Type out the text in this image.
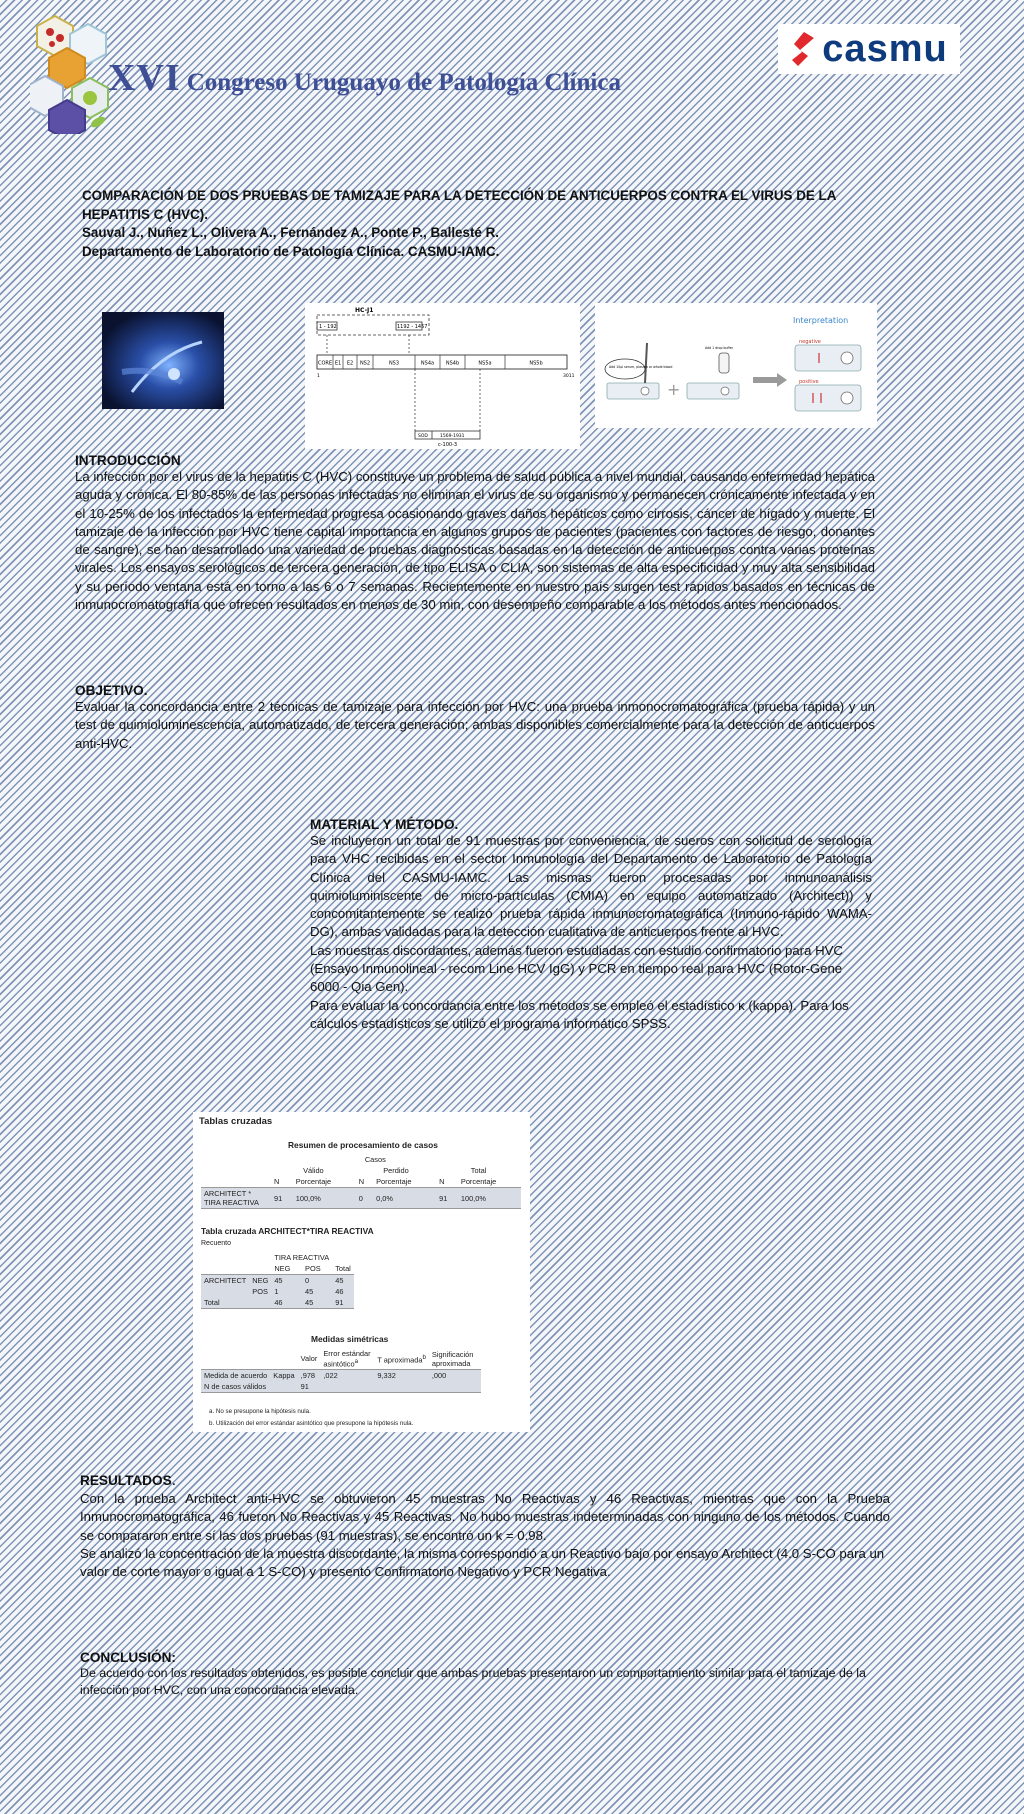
XVI Congreso Uruguayo de Patología Clínica
casmu
COMPARACIÓN DE DOS PRUEBAS DE TAMIZAJE PARA LA DETECCIÓN DE ANTICUERPOS CONTRA EL VIRUS DE LA HEPATITIS C (HVC).
Sauval J., Nuñez L., Olivera A., Fernández A., Ponte P., Ballesté R.
Departamento de Laboratorio de Patología Clínica. CASMU-IAMC.
HC-J1
1 - 192	1192 - 1457
CORE E1 E2 NS2	NS3	NS4a NS4b	NS5a	NS5b
1	3011
SOD	1569-1931
c-100-3
Interpretation
negative
positive
Add 10μl serum, plasma or whole blood
+
Add 1 drop buffer
INTRODUCCIÓN
La infección por el virus de la hepatitis C (HVC) constituye un problema de salud pública a nivel mundial, causando enfermedad hepática aguda y crónica. El 80-85% de las personas infectadas no eliminan el virus de su organismo y permanecen crónicamente infectada y en el 10-25% de los infectados la enfermedad progresa ocasionando graves daños hepáticos como cirrosis, cáncer de hígado y muerte. El tamizaje de la infección por HVC tiene capital importancia en algunos grupos de pacientes (pacientes con factores de riesgo, donantes de sangre), se han desarrollado una variedad de pruebas diagnósticas basadas en la detección de anticuerpos contra varias proteínas virales. Los ensayos serológicos de tercera generación, de tipo ELISA o CLIA, son sistemas de alta especificidad y muy alta sensibilidad y su período ventana está en torno a las 6 o 7 semanas. Recientemente en nuestro país surgen test rápidos basados en técnicas de inmunocromatografía que ofrecen resultados en menos de 30 min, con desempeño comparable a los métodos antes mencionados.
OBJETIVO.
Evaluar la concordancia entre 2 técnicas de tamizaje para infección por HVC: una prueba inmonocromatográfica (prueba rápida) y un test de quimioluminescencia, automatizado, de tercera generación; ambas disponibles comercialmente para la detección de anticuerpos anti-HVC.
MATERIAL Y MÉTODO.
Se incluyeron un total de 91 muestras por conveniencia, de sueros con solicitud de serología para VHC recibidas en el sector Inmunología del Departamento de Laboratorio de Patología Clínica del CASMU-IAMC. Las mismas fueron procesadas por inmunoanálisis quimioluminiscente de micro-partículas (CMIA) en equipo automatizado (Architect)) y concomitantemente se realizó prueba rápida inmunocromatográfica (Inmuno-rápido WAMA-DG), ambas validadas para la detección cualitativa de anticuerpos frente al HVC.
Las muestras discordantes, además fueron estudiadas con estudio confirmatorio para HVC (Ensayo Inmunolineal - recom Line HCV IgG) y PCR en tiempo real para HVC (Rotor-Gene 6000 - Qia Gen).
Para evaluar la concordancia entre los métodos se empleó el estadístico κ (kappa). Para los cálculos estadísticos se utilizó el programa informático SPSS.
Tablas cruzadas
Resumen de procesamiento de casos
		Casos				
	Válido		Perdido		Total	
	N	Porcentaje	N	Porcentaje	N	Porcentaje
ARCHITECT * TIRA REACTIVA	91	100,0%	0	0,0%	91	100,0%
Tabla cruzada ARCHITECT*TIRA REACTIVA
Recuento
		TIRA REACTIVA		
		NEG	POS	Total
ARCHITECT	NEG	45	0	45
	POS	1	45	46
Total		46	45	91
Medidas simétricas
		Valor	Error estándar asintótico$^a$	T aproximada$^b$	Significación aproximada
Medida de acuerdo	Kappa	,978	,022	9,332	,000
N de casos válidos		91			
a. No se presupone la hipótesis nula.
b. Utilización del error estándar asintótico que presupone la hipótesis nula.
RESULTADOS.
Con la prueba Architect anti-HVC se obtuvieron 45 muestras No Reactivas y 46 Reactivas, mientras que con la Prueba Inmunocromatográfica, 46 fueron No Reactivas y 45 Reactivas. No hubo muestras indeterminadas con ninguno de los métodos. Cuando se compararon entre sí las dos pruebas (91 muestras), se encontró un k = 0.98.
Se analizó la concentración de la muestra discordante, la misma correspondió a un Reactivo bajo por ensayo Architect (4.0 S-CO para un valor de corte mayor o igual a 1 S-CO) y presentó Confirmatorio Negativo y PCR Negativa.
CONCLUSIÓN:
De acuerdo con los resultados obtenidos, es posible concluir que ambas pruebas presentaron un comportamiento similar para el tamizaje de la infección por HVC, con una concordancia elevada.
